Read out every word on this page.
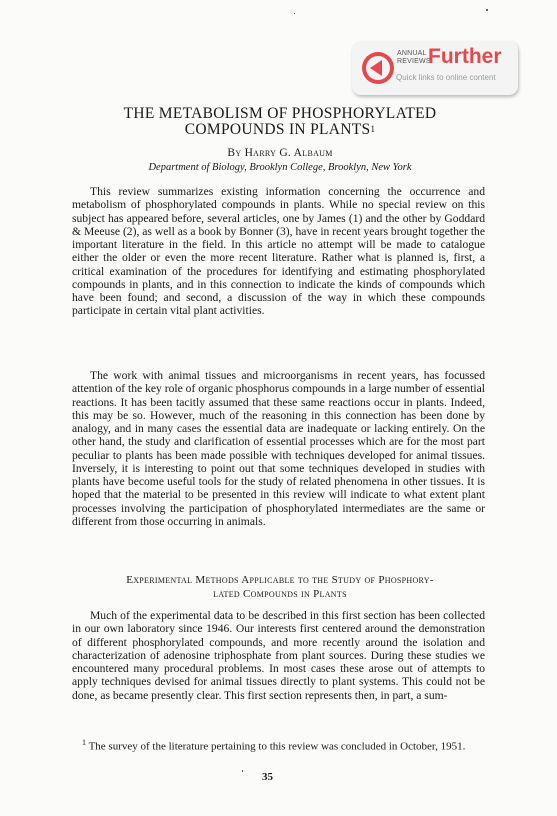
ANNUAL
REVIEWS
Further
Quick links to online content
THE METABOLISM OF PHOSPHORYLATED
COMPOUNDS IN PLANTS$^1$
By Harry G. Albaum
Department of Biology, Brooklyn College, Brooklyn, New York

This review summarizes existing information concerning the occurrence and metabolism of phosphorylated compounds in plants. While no special review on this subject has appeared before, several articles, one by James (1) and the other by Goddard & Meeuse (2), as well as a book by Bonner (3), have in recent years brought together the important literature in the field. In this article no attempt will be made to catalogue either the older or even the more recent literature. Rather what is planned is, first, a critical examination of the procedures for identifying and estimating phosphorylated compounds in plants, and in this connection to indicate the kinds of compounds which have been found; and second, a discussion of the way in which these compounds participate in certain vital plant activities.

The work with animal tissues and microorganisms in recent years, has focussed attention of the key role of organic phosphorus compounds in a large number of essential reactions. It has been tacitly assumed that these same reactions occur in plants. Indeed, this may be so. However, much of the reasoning in this connection has been done by analogy, and in many cases the essential data are inadequate or lacking entirely. On the other hand, the study and clarification of essential processes which are for the most part peculiar to plants has been made possible with techniques developed for animal tissues. Inversely, it is interesting to point out that some techniques developed in studies with plants have become useful tools for the study of related phenomena in other tissues. It is hoped that the material to be presented in this review will indicate to what extent plant processes involving the participation of phosphorylated intermediates are the same or different from those occurring in animals.

Experimental Methods Applicable to the Study of Phosphory-
lated Compounds in Plants

Much of the experimental data to be described in this first section has been collected in our own laboratory since 1946. Our interests first centered around the demonstration of different phosphorylated compounds, and more recently around the isolation and characterization of adenosine triphosphate from plant sources. During these studies we encountered many procedural problems. In most cases these arose out of attempts to apply techniques devised for animal tissues directly to plant systems. This could not be done, as became presently clear. This first section represents then, in part, a sum-

$^1$ The survey of the literature pertaining to this review was concluded in October, 1951.

35
